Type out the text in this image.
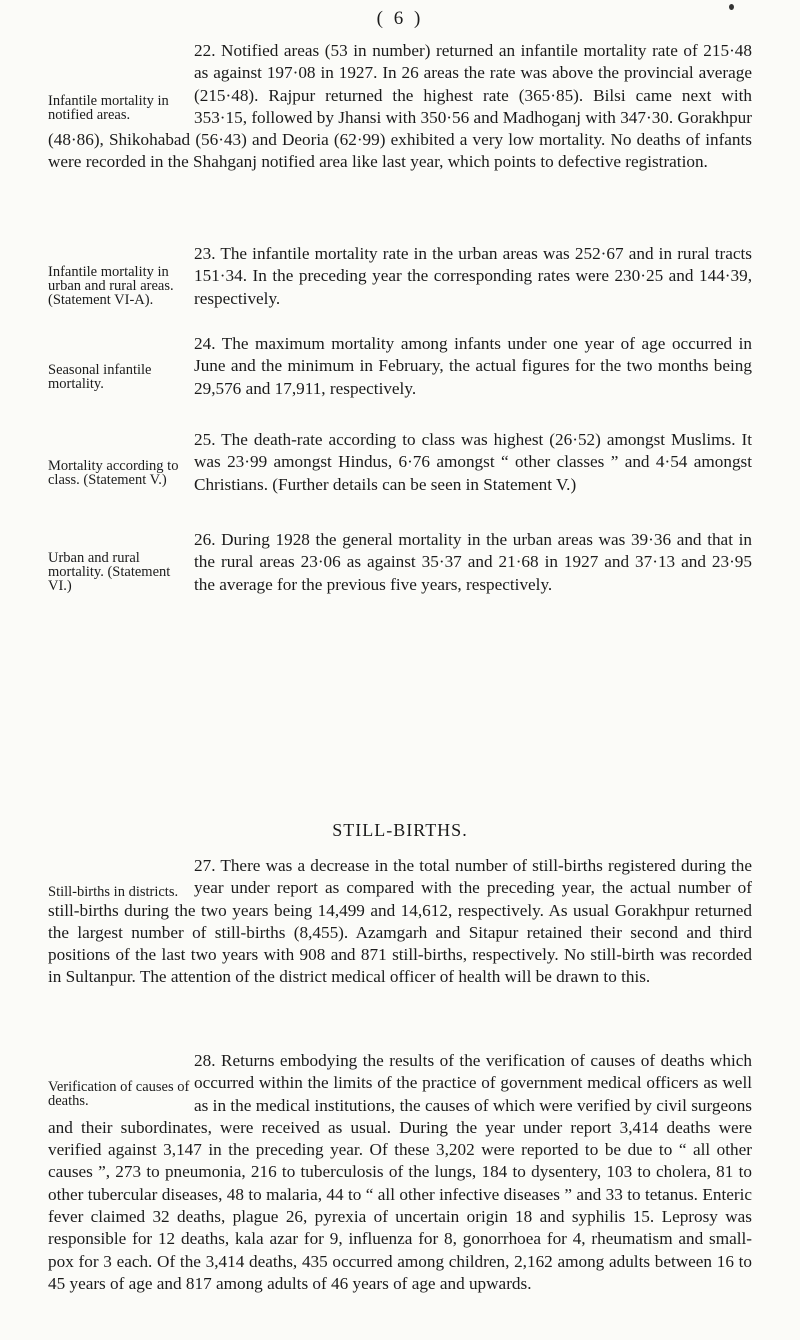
( 6 )
Infantile mortality in notified areas.

22. Notified areas (53 in number) returned an infantile mortality rate of 215·48 as against 197·08 in 1927. In 26 areas the rate was above the provincial average (215·48). Rajpur returned the highest rate (365·85). Bilsi came next with 353·15, followed by Jhansi with 350·56 and Madhoganj with 347·30. Gorakhpur (48·86), Shikohabad (56·43) and Deoria (62·99) exhibited a very low mortality. No deaths of infants were recorded in the Shahganj notified area like last year, which points to defective registration.

Infantile mortality in urban and rural areas. (Statement VI-A).

23. The infantile mortality rate in the urban areas was 252·67 and in rural tracts 151·34. In the preceding year the corresponding rates were 230·25 and 144·39, respectively.

Seasonal infantile mortality.

24. The maximum mortality among infants under one year of age occurred in June and the minimum in February, the actual figures for the two months being 29,576 and 17,911, respectively.

Mortality according to class. (Statement V.)

25. The death-rate according to class was highest (26·52) amongst Muslims. It was 23·99 amongst Hindus, 6·76 amongst “ other classes ” and 4·54 amongst Christians. (Further details can be seen in Statement V.)

Urban and rural mortality. (Statement VI.)

26. During 1928 the general mortality in the urban areas was 39·36 and that in the rural areas 23·06 as against 35·37 and 21·68 in 1927 and 37·13 and 23·95 the average for the previous five years, respectively.

STILL-BIRTHS.
Still-births in districts.

27. There was a decrease in the total number of still-births registered during the year under report as compared with the preceding year, the actual number of still-births during the two years being 14,499 and 14,612, respectively. As usual Gorakhpur returned the largest number of still-births (8,455). Azamgarh and Sitapur retained their second and third positions of the last two years with 908 and 871 still-births, respectively. No still-birth was recorded in Sultanpur. The attention of the district medical officer of health will be drawn to this.

Verification of causes of deaths.

28. Returns embodying the results of the verification of causes of deaths which occurred within the limits of the practice of government medical officers as well as in the medical institutions, the causes of which were verified by civil surgeons and their subordinates, were received as usual. During the year under report 3,414 deaths were verified against 3,147 in the preceding year. Of these 3,202 were reported to be due to “ all other causes ”, 273 to pneumonia, 216 to tuberculosis of the lungs, 184 to dysentery, 103 to cholera, 81 to other tubercular diseases, 48 to malaria, 44 to “ all other infective diseases ” and 33 to tetanus. Enteric fever claimed 32 deaths, plague 26, pyrexia of uncertain origin 18 and syphilis 15. Leprosy was responsible for 12 deaths, kala azar for 9, influenza for 8, gonorrhoea for 4, rheumatism and small-pox for 3 each. Of the 3,414 deaths, 435 occurred among children, 2,162 among adults between 16 to 45 years of age and 817 among adults of 46 years of age and upwards.
